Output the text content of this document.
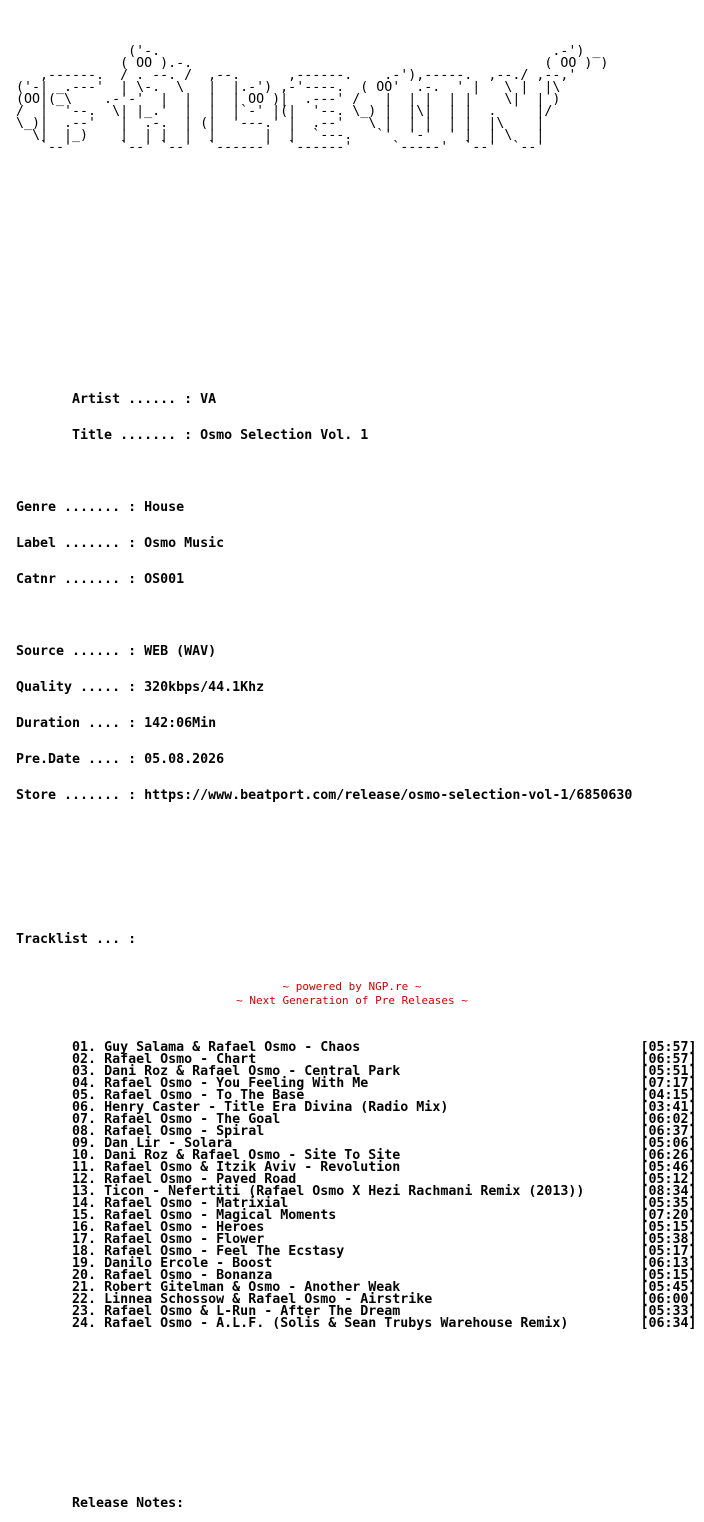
('-.                                                 .-') _
( OO ).-.                                            ( OO ) )
,------.  / . --. /  ,--.      ,------.    .-'),-----.  ,--./ ,--,'
('-| _.---'  | \-.  \   |  |.-') ,-'----.  ( OO'  .-.  ' |   \ |  |\
(OO|(_\    .-'-'  |  |  |  | OO )|  .---' /   |  | |  | |    \|  | )
/  |  '--.  \| |_.'  |  |  |`-' |(|  '--. \_) |  |\|  | |  .     |/
\_)|  .--'   |  .-.  | (|  '---.' |  .--'   \ |  | |  | |  |\    |
\|  |_)    |  | |  |  |      |  |  `---.   `'  '-'  ' |  | \   |
`--'      `--' `--'  `------'  `------'     `-----'  `--'  `--'

Artist ...... : VA

Title ....... : Osmo Selection Vol. 1

Genre ....... : House

Label ....... : Osmo Music

Catnr ....... : OS001

Source ...... : WEB (WAV)

Quality ..... : 320kbps/44.1Khz

Duration .... : 142:06Min

Pre.Date .... : 05.08.2026

Store ....... : https://www.beatport.com/release/osmo-selection-vol-1/6850630

Tracklist ... :

01. Guy Salama & Rafael Osmo - Chaos	[05:57]
02. Rafael Osmo - Chart	[06:57]
03. Dani Roz & Rafael Osmo - Central Park	[05:51]
04. Rafael Osmo - You Feeling With Me	[07:17]
05. Rafael Osmo - To The Base	[04:15]
06. Henry Caster - Title Era Divina (Radio Mix)	[03:41]
07. Rafael Osmo - The Goal	[06:02]
08. Rafael Osmo - Spiral	[06:37]
09. Dan Lir - Solara	[05:06]
10. Dani Roz & Rafael Osmo - Site To Site	[06:26]
11. Rafael Osmo & Itzik Aviv - Revolution	[05:46]
12. Rafael Osmo - Paved Road	[05:12]
13. Ticon - Nefertiti (Rafael Osmo X Hezi Rachmani Remix (2013))	[08:34]
14. Rafael Osmo - Matrixial	[05:35]
15. Rafael Osmo - Magical Moments	[07:20]
16. Rafael Osmo - Heroes	[05:15]
17. Rafael Osmo - Flower	[05:38]
18. Rafael Osmo - Feel The Ecstasy	[05:17]
19. Danilo Ercole - Boost	[06:13]
20. Rafael Osmo - Bonanza	[05:15]
21. Robert Gitelman & Osmo - Another Weak	[05:45]
22. Linnea Schossow & Rafael Osmo - Airstrike	[06:00]
23. Rafael Osmo & L-Run - After The Dream	[05:33]
24. Rafael Osmo - A.L.F. (Solis & Sean Trubys Warehouse Remix)	[06:34]

Release Notes:

~ powered by NGP.re ~
~ Next Generation of Pre Releases ~
